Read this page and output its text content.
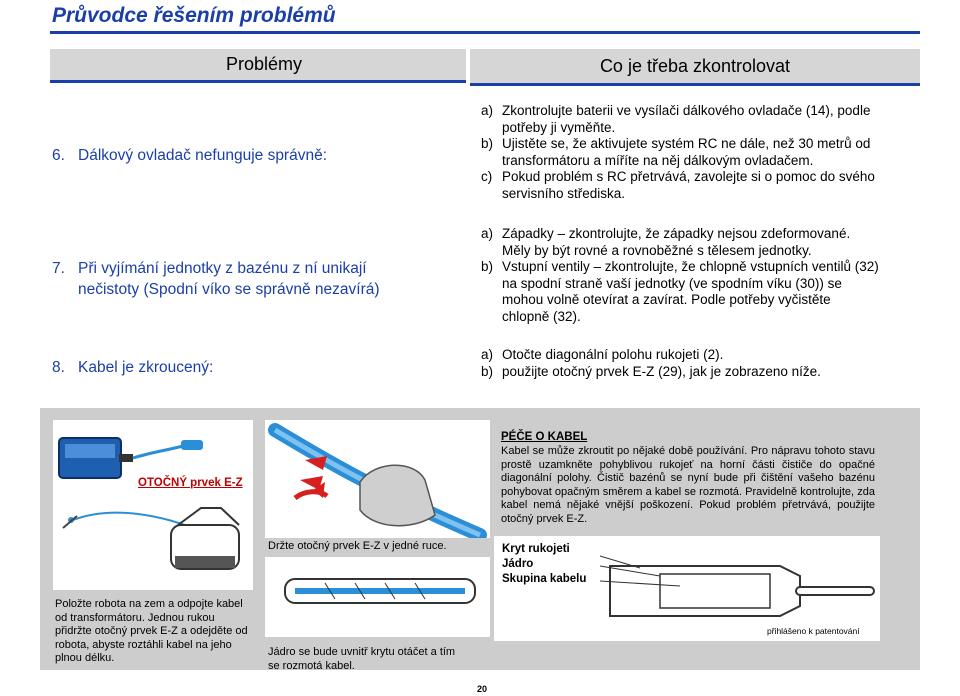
Průvodce řešením problémů
Problémy	Co je třeba zkontrolovat
6. Dálkový ovladač nefunguje správně:
a) Zkontrolujte baterii ve vysílači dálkového ovladače (14), podle
potřeby ji vyměňte.
b) Ujistěte se, že aktivujete systém RC ne dále, než 30 metrů od
transformátoru a míříte na něj dálkovým ovladačem.
c) Pokud problém s RC přetrvává, zavolejte si o pomoc do svého
servisního střediska.
7. Při vyjímání jednotky z bazénu z ní unikají
nečistoty (Spodní víko se správně nezavírá)
a) Západky – zkontrolujte, že západky nejsou zdeformované.
Měly by být rovné a rovnoběžné s tělesem jednotky.
b) Vstupní ventily – zkontrolujte, že chlopně vstupních ventilů (32)
na spodní straně vaší jednotky (ve spodním víku (30)) se
mohou volně otevírat a zavírat. Podle potřeby vyčistěte
chlopně (32).
8. Kabel je zkroucený:
a) Otočte diagonální polohu rukojeti (2).
b) použijte otočný prvek E-Z (29), jak je zobrazeno níže.
OTOČNÝ prvek E-Z
Držte otočný prvek E-Z v jedné ruce.
Položte robota na zem a odpojte kabel od transformátoru. Jednou rukou přidržte otočný prvek E-Z a odejděte od robota, abyste roztáhli kabel na jeho plnou délku.	Jádro se bude uvnitř krytu otáčet a tím se rozmotá kabel.
PÉČE O KABEL
Kabel se může zkroutit po nějaké době používání. Pro nápravu tohoto stavu prostě uzamkněte pohyblivou rukojeť na horní části čističe do opačné diagonální polohy. Čistič bazénů se nyní bude při čištění vašeho bazénu pohybovat opačným směrem a kabel se rozmotá. Pravidelně kontrolujte, zda kabel nemá nějaké vnější poškození. Pokud problém přetrvává, použijte otočný prvek E-Z.
Kryt rukojeti
Jádro
Skupina kabelu
přihlášeno k patentování
20
